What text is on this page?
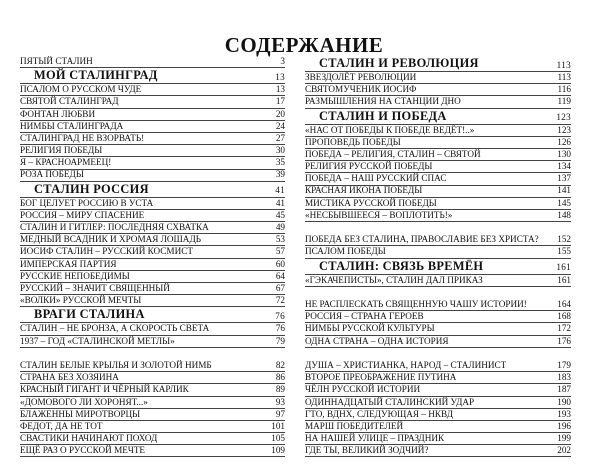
СОДЕРЖАНИЕ
ПЯТЫЙ СТАЛИН	3
МОЙ СТАЛИНГРАД	13
ПСАЛОМ О РУССКОМ ЧУДЕ	13
СВЯТОЙ СТАЛИНГРАД	17
ФОНТАН ЛЮБВИ	20
НИМБЫ СТАЛИНГРАДА	24
СТАЛИНГРАД НЕ ВЗОРВАТЬ!	27
РЕЛИГИЯ ПОБЕДЫ	30
Я – КРАСНОАРМЕЕЦ!	35
РОЗА ПОБЕДЫ	39
СТАЛИН РОССИЯ	41
БОГ ЦЕЛУЕТ РОССИЮ В УСТА	41
РОССИЯ – МИРУ СПАСЕНИЕ	45
СТАЛИН И ГИТЛЕР: ПОСЛЕДНЯЯ СХВАТКА	49
МЕДНЫЙ ВСАДНИК И ХРОМАЯ ЛОШАДЬ	53
ИОСИФ СТАЛИН – РУССКИЙ КОСМИСТ	57
ИМПЕРСКАЯ ПАРТИЯ	60
РУССКИЕ НЕПОБЕДИМЫ	64
РУССКИЙ – ЗНАЧИТ СВЯЩЕННЫЙ	67
«ВОЛКИ» РУССКОЙ МЕЧТЫ	72
ВРАГИ СТАЛИНА	76
СТАЛИН – НЕ БРОНЗА, А СКОРОСТЬ СВЕТА	76
1937 – ГОД «СТАЛИНСКОЙ МЕТЛЫ»	79
СТАЛИН БЕЛЫЕ КРЫЛЬЯ И ЗОЛОТОЙ НИМБ	82
СТРАНА БЕЗ ХОЗЯИНА	86
КРАСНЫЙ ГИГАНТ И ЧЁРНЫЙ КАРЛИК	89
«ДОМОВОГО ЛИ ХОРОНЯТ...»	93
БЛАЖЕННЫ МИРОТВОРЦЫ	97
ФЕДОТ, ДА НЕ ТОТ	101
СВАСТИКИ НАЧИНАЮТ ПОХОД	105
ЕЩЁ РАЗ О РУССКОЙ МЕЧТЕ	109
СТАЛИН И РЕВОЛЮЦИЯ	113
ЗВЕЗДОЛЁТ РЕВОЛЮЦИИ	113
СВЯТОМУЧЕНИК ИОСИФ	116
РАЗМЫШЛЕНИЯ НА СТАНЦИИ ДНО	119
СТАЛИН И ПОБЕДА	123
«НАС ОТ ПОБЕДЫ К ПОБЕДЕ ВЕДЁТ!..»	123
ПРОПОВЕДЬ ПОБЕДЫ	126
ПОБЕДА – РЕЛИГИЯ, СТАЛИН – СВЯТОЙ	130
РЕЛИГИЯ РУССКОЙ ПОБЕДЫ	134
ПОБЕДА – НАШ РУССКИЙ СПАС	137
КРАСНАЯ ИКОНА ПОБЕДЫ	141
МИСТИКА РУССКОЙ ПОБЕДЫ	145
«НЕСБЫВШЕЕСЯ – ВОПЛОТИТЬ!»	148
ПОБЕДА БЕЗ СТАЛИНА, ПРАВОСЛАВИЕ БЕЗ ХРИСТА?	152
ПСАЛОМ ПОБЕДЫ	155
СТАЛИН: СВЯЗЬ ВРЕМЁН	161
«ГЭКАЧЕПИСТЫ», СТАЛИН ДАЛ ПРИКАЗ	161
НЕ РАСПЛЕСКАТЬ СВЯЩЕННУЮ ЧАШУ ИСТОРИИ!	164
РОССИЯ – СТРАНА ГЕРОЕВ	168
НИМБЫ РУССКОЙ КУЛЬТУРЫ	172
ОДНА СТРАНА – ОДНА ИСТОРИЯ	176
ДУША – ХРИСТИАНКА, НАРОД – СТАЛИНИСТ	179
ВТОРОЕ ПРЕОБРАЖЕНИЕ ПУТИНА	183
ЧЁЛН РУССКОЙ ИСТОРИИ	187
ОДИННАДЦАТЫЙ СТАЛИНСКИЙ УДАР	190
ГТО, ВДНХ, СЛЕДУЮЩАЯ – НКВД	193
МАРШ ПОБЕДИТЕЛЕЙ	196
НА НАШЕЙ УЛИЦЕ – ПРАЗДНИК	199
ГДЕ ТЫ, ВЕЛИКИЙ ЗОДЧИЙ?	202
